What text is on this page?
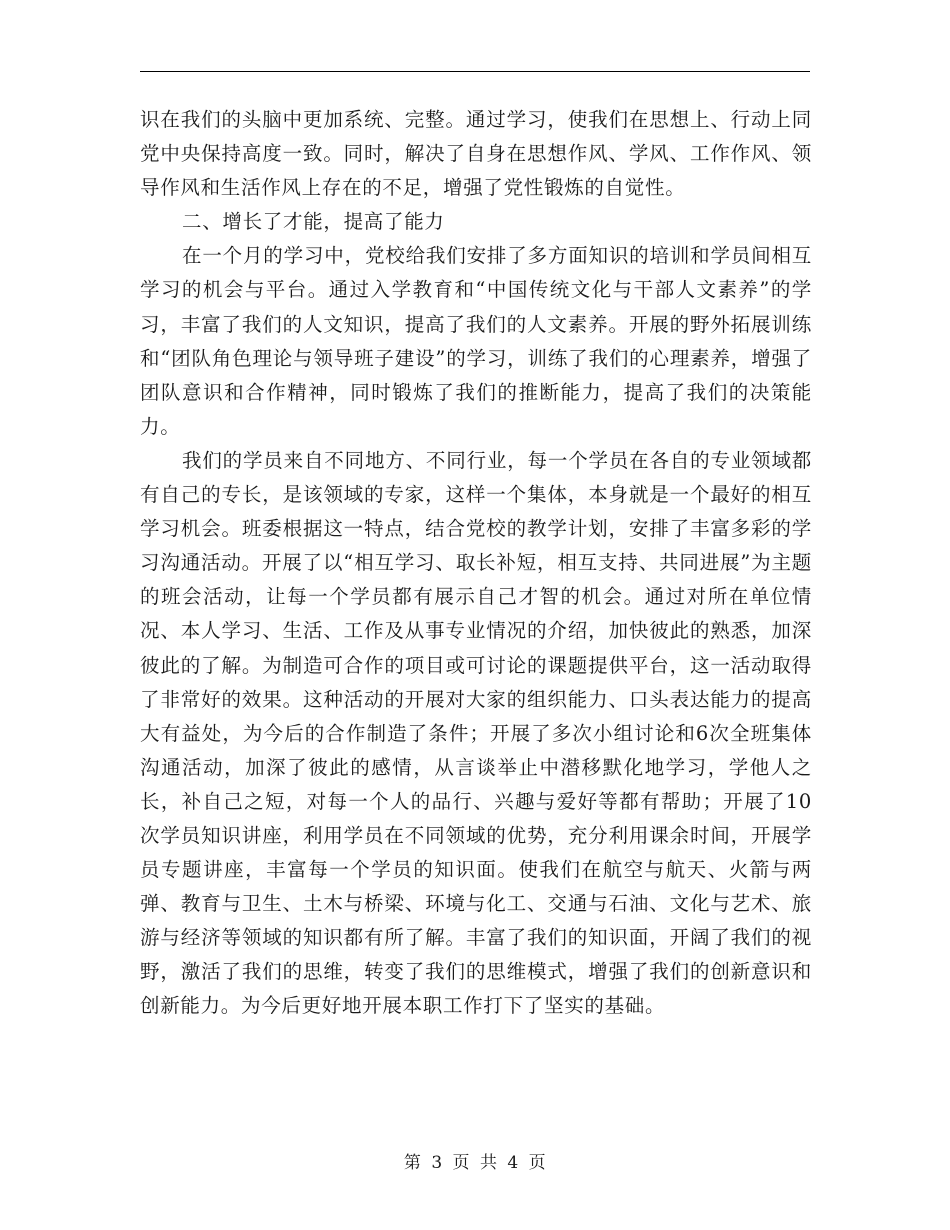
识在我们的头脑中更加系统、完整。通过学习，使我们在思想上、行动上同党中央保持高度一致。同时，解决了自身在思想作风、学风、工作作风、领导作风和生活作风上存在的不足，增强了党性锻炼的自觉性。

二、增长了才能，提高了能力

在一个月的学习中，党校给我们安排了多方面知识的培训和学员间相互学习的机会与平台。通过入学教育和“中国传统文化与干部人文素养”的学习，丰富了我们的人文知识，提高了我们的人文素养。开展的野外拓展训练和“团队角色理论与领导班子建设”的学习，训练了我们的心理素养，增强了团队意识和合作精神，同时锻炼了我们的推断能力，提高了我们的决策能力。

我们的学员来自不同地方、不同行业，每一个学员在各自的专业领域都有自己的专长，是该领域的专家，这样一个集体，本身就是一个最好的相互学习机会。班委根据这一特点，结合党校的教学计划，安排了丰富多彩的学习沟通活动。开展了以“相互学习、取长补短，相互支持、共同进展”为主题的班会活动，让每一个学员都有展示自己才智的机会。通过对所在单位情况、本人学习、生活、工作及从事专业情况的介绍，加快彼此的熟悉，加深彼此的了解。为制造可合作的项目或可讨论的课题提供平台，这一活动取得了非常好的效果。这种活动的开展对大家的组织能力、口头表达能力的提高大有益处，为今后的合作制造了条件；开展了多次小组讨论和6次全班集体沟通活动，加深了彼此的感情，从言谈举止中潜移默化地学习，学他人之长，补自己之短，对每一个人的品行、兴趣与爱好等都有帮助；开展了10次学员知识讲座，利用学员在不同领域的优势，充分利用课余时间，开展学员专题讲座，丰富每一个学员的知识面。使我们在航空与航天、火箭与两弹、教育与卫生、土木与桥梁、环境与化工、交通与石油、文化与艺术、旅游与经济等领域的知识都有所了解。丰富了我们的知识面，开阔了我们的视野，激活了我们的思维，转变了我们的思维模式，增强了我们的创新意识和创新能力。为今后更好地开展本职工作打下了坚实的基础。

第 3 页 共 4 页
